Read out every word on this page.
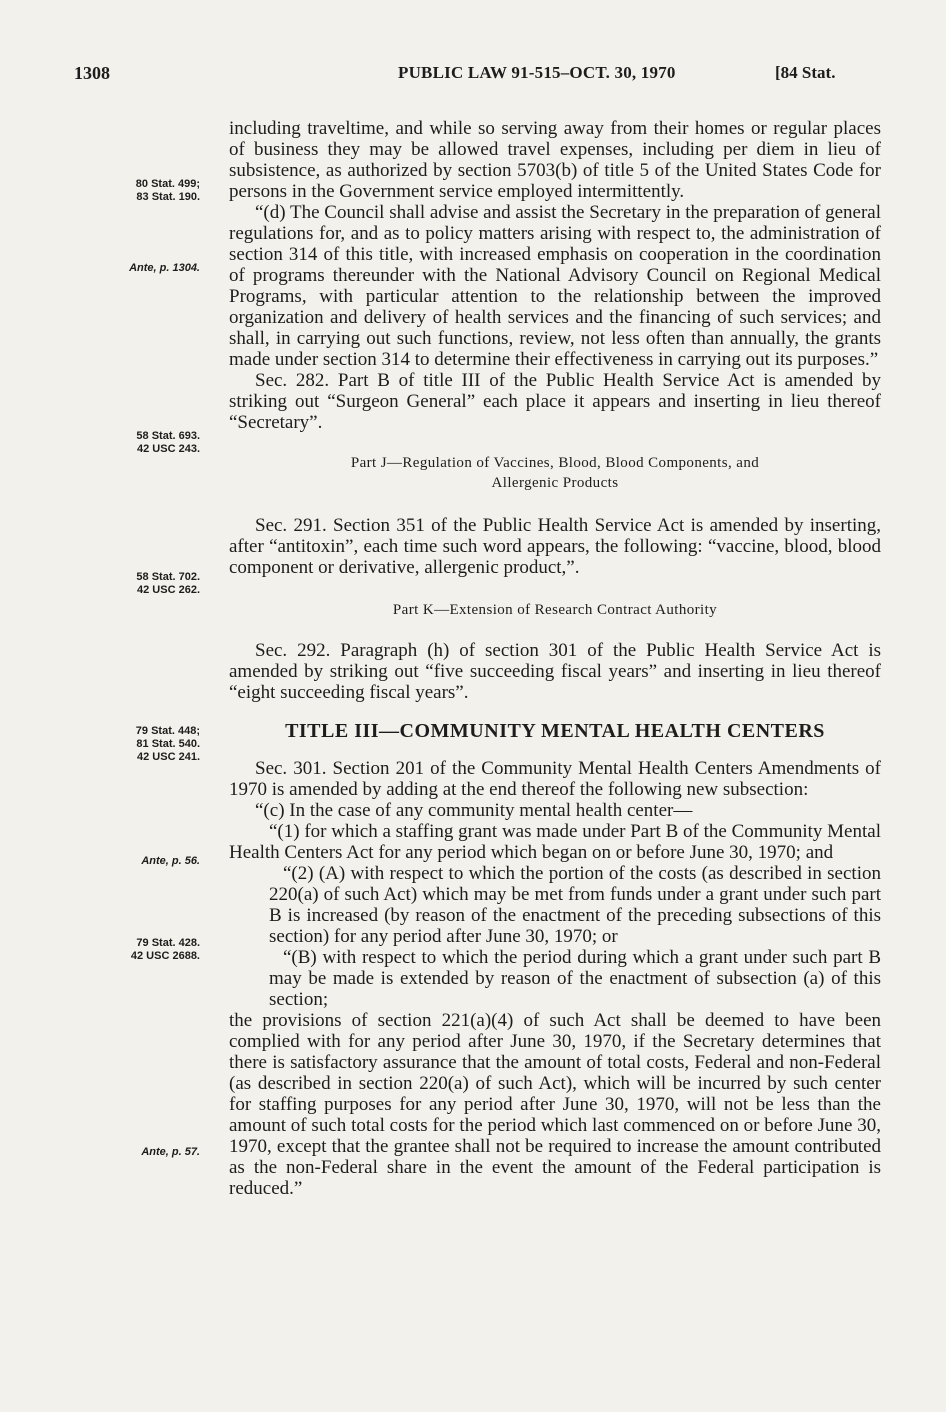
1308	PUBLIC LAW 91-515–OCT. 30, 1970	[84 Stat.
80 Stat. 499;
83 Stat. 190.
Ante, p. 1304.
58 Stat. 693.
42 USC 243.
58 Stat. 702.
42 USC 262.
79 Stat. 448;
81 Stat. 540.
42 USC 241.
Ante, p. 56.
79 Stat. 428.
42 USC 2688.
Ante, p. 57.

including traveltime, and while so serving away from their homes or regular places of business they may be allowed travel expenses, including per diem in lieu of subsistence, as authorized by section 5703(b) of title 5 of the United States Code for persons in the Government service employed intermittently.

“(d) The Council shall advise and assist the Secretary in the preparation of general regulations for, and as to policy matters arising with respect to, the administration of section 314 of this title, with increased emphasis on cooperation in the coordination of programs thereunder with the National Advisory Council on Regional Medical Programs, with particular attention to the relationship between the improved organization and delivery of health services and the financing of such services; and shall, in carrying out such functions, review, not less often than annually, the grants made under section 314 to determine their effectiveness in carrying out its purposes.”

Sec. 282. Part B of title III of the Public Health Service Act is amended by striking out “Surgeon General” each place it appears and inserting in lieu thereof “Secretary”.

Part J—Regulation of Vaccines, Blood, Blood Components, and
Allergenic Products

Sec. 291. Section 351 of the Public Health Service Act is amended by inserting, after “antitoxin”, each time such word appears, the following: “vaccine, blood, blood component or derivative, allergenic product,”.

Part K—Extension of Research Contract Authority

Sec. 292. Paragraph (h) of section 301 of the Public Health Service Act is amended by striking out “five succeeding fiscal years” and inserting in lieu thereof “eight succeeding fiscal years”.

TITLE III—COMMUNITY MENTAL HEALTH CENTERS

Sec. 301. Section 201 of the Community Mental Health Centers Amendments of 1970 is amended by adding at the end thereof the following new subsection:

“(c) In the case of any community mental health center—

“(1) for which a staffing grant was made under Part B of the Community Mental Health Centers Act for any period which began on or before June 30, 1970; and

“(2) (A) with respect to which the portion of the costs (as described in section 220(a) of such Act) which may be met from funds under a grant under such part B is increased (by reason of the enactment of the preceding subsections of this section) for any period after June 30, 1970; or

“(B) with respect to which the period during which a grant under such part B may be made is extended by reason of the enactment of subsection (a) of this section;

the provisions of section 221(a)(4) of such Act shall be deemed to have been complied with for any period after June 30, 1970, if the Secretary determines that there is satisfactory assurance that the amount of total costs, Federal and non-Federal (as described in section 220(a) of such Act), which will be incurred by such center for staffing purposes for any period after June 30, 1970, will not be less than the amount of such total costs for the period which last commenced on or before June 30, 1970, except that the grantee shall not be required to increase the amount contributed as the non-Federal share in the event the amount of the Federal participation is reduced.”
